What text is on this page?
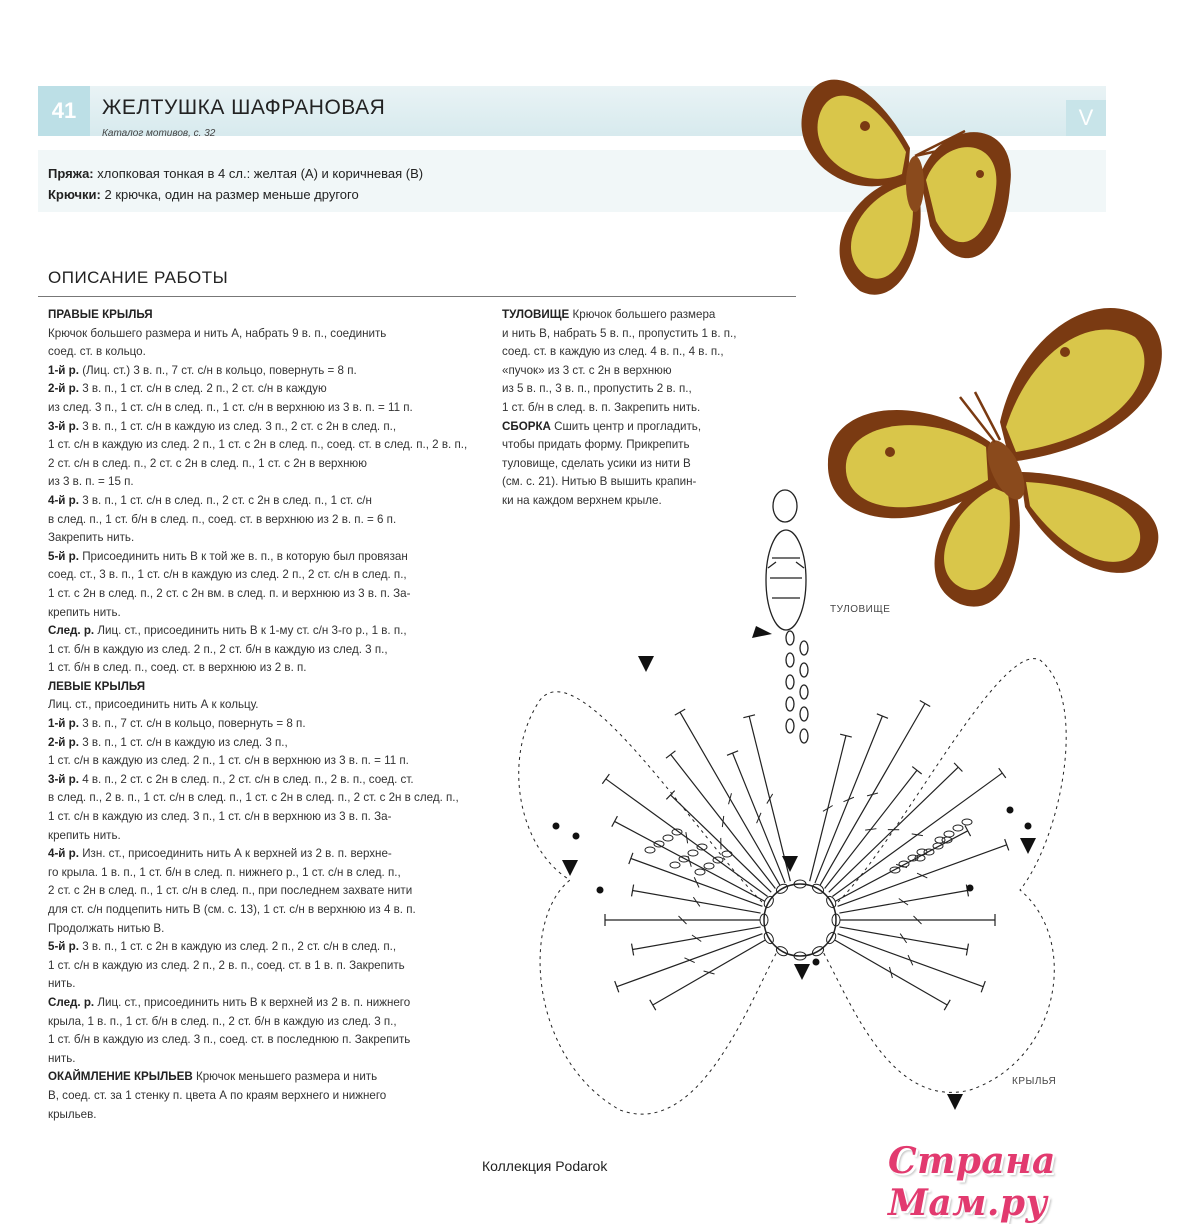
41	V
ЖЕЛТУШКА ШАФРАНОВАЯ
Каталог мотивов, с. 32
Пряжа: хлопковая тонкая в 4 сл.: желтая (А) и коричневая (В)
Крючки: 2 крючка, один на размер меньше другого
ОПИСАНИЕ РАБОТЫ

ПРАВЫЕ КРЫЛЬЯ

Крючок большего размера и нить А, набрать 9 в. п., соединить

соед. ст. в кольцо.

1-й р. (Лиц. ст.) 3 в. п., 7 ст. с/н в кольцо, повернуть = 8 п.

2-й р. 3 в. п., 1 ст. с/н в след. 2 п., 2 ст. с/н в каждую

из след. 3 п., 1 ст. с/н в след. п., 1 ст. с/н в верхнюю из 3 в. п. = 11 п.

3-й р. 3 в. п., 1 ст. с/н в каждую из след. 3 п., 2 ст. с 2н в след. п.,

1 ст. с/н в каждую из след. 2 п., 1 ст. с 2н в след. п., соед. ст. в след. п., 2 в. п.,

2 ст. с/н в след. п., 2 ст. с 2н в след. п., 1 ст. с 2н в верхнюю

из 3 в. п. = 15 п.

4-й р. 3 в. п., 1 ст. с/н в след. п., 2 ст. с 2н в след. п., 1 ст. с/н

в след. п., 1 ст. б/н в след. п., соед. ст. в верхнюю из 2 в. п. = 6 п.

Закрепить нить.

5-й р. Присоединить нить В к той же в. п., в которую был провязан

соед. ст., 3 в. п., 1 ст. с/н в каждую из след. 2 п., 2 ст. с/н в след. п.,

1 ст. с 2н в след. п., 2 ст. с 2н вм. в след. п. и верхнюю из 3 в. п. За-

крепить нить.

След. р. Лиц. ст., присоединить нить В к 1-му ст. с/н 3-го р., 1 в. п.,

1 ст. б/н в каждую из след. 2 п., 2 ст. б/н в каждую из след. 3 п.,

1 ст. б/н в след. п., соед. ст. в верхнюю из 2 в. п.

ЛЕВЫЕ КРЫЛЬЯ

Лиц. ст., присоединить нить А к кольцу.

1-й р. 3 в. п., 7 ст. с/н в кольцо, повернуть = 8 п.

2-й р. 3 в. п., 1 ст. с/н в каждую из след. 3 п.,

1 ст. с/н в каждую из след. 2 п., 1 ст. с/н в верхнюю из 3 в. п. = 11 п.

3-й р. 4 в. п., 2 ст. с 2н в след. п., 2 ст. с/н в след. п., 2 в. п., соед. ст.

в след. п., 2 в. п., 1 ст. с/н в след. п., 1 ст. с 2н в след. п., 2 ст. с 2н в след. п.,

1 ст. с/н в каждую из след. 3 п., 1 ст. с/н в верхнюю из 3 в. п. За-

крепить нить.

4-й р. Изн. ст., присоединить нить А к верхней из 2 в. п. верхне-

го крыла. 1 в. п., 1 ст. б/н в след. п. нижнего р., 1 ст. с/н в след. п.,

2 ст. с 2н в след. п., 1 ст. с/н в след. п., при последнем захвате нити

для ст. с/н подцепить нить В (см. с. 13), 1 ст. с/н в верхнюю из 4 в. п.

Продолжать нитью В.

5-й р. 3 в. п., 1 ст. с 2н в каждую из след. 2 п., 2 ст. с/н в след. п.,

1 ст. с/н в каждую из след. 2 п., 2 в. п., соед. ст. в 1 в. п. Закрепить

нить.

След. р. Лиц. ст., присоединить нить В к верхней из 2 в. п. нижнего

крыла, 1 в. п., 1 ст. б/н в след. п., 2 ст. б/н в каждую из след. 3 п.,

1 ст. б/н в каждую из след. 3 п., соед. ст. в последнюю п. Закрепить

нить.

ОКАЙМЛЕНИЕ КРЫЛЬЕВ Крючок меньшего размера и нить

В, соед. ст. за 1 стенку п. цвета А по краям верхнего и нижнего

крыльев.

ТУЛОВИЩЕ Крючок большего размера

и нить В, набрать 5 в. п., пропустить 1 в. п.,

соед. ст. в каждую из след. 4 в. п., 4 в. п.,

«пучок» из 3 ст. с 2н в верхнюю

из 5 в. п., 3 в. п., пропустить 2 в. п.,

1 ст. б/н в след. в. п. Закрепить нить.

СБОРКА Сшить центр и прогладить,

чтобы придать форму. Прикрепить

туловище, сделать усики из нити В

(см. с. 21). Нитью В вышить крапин-

ки на каждом верхнем крыле.

ТУЛОВИЩЕ
КРЫЛЬЯ
Коллекция Podarok	Страна Мам.ру
